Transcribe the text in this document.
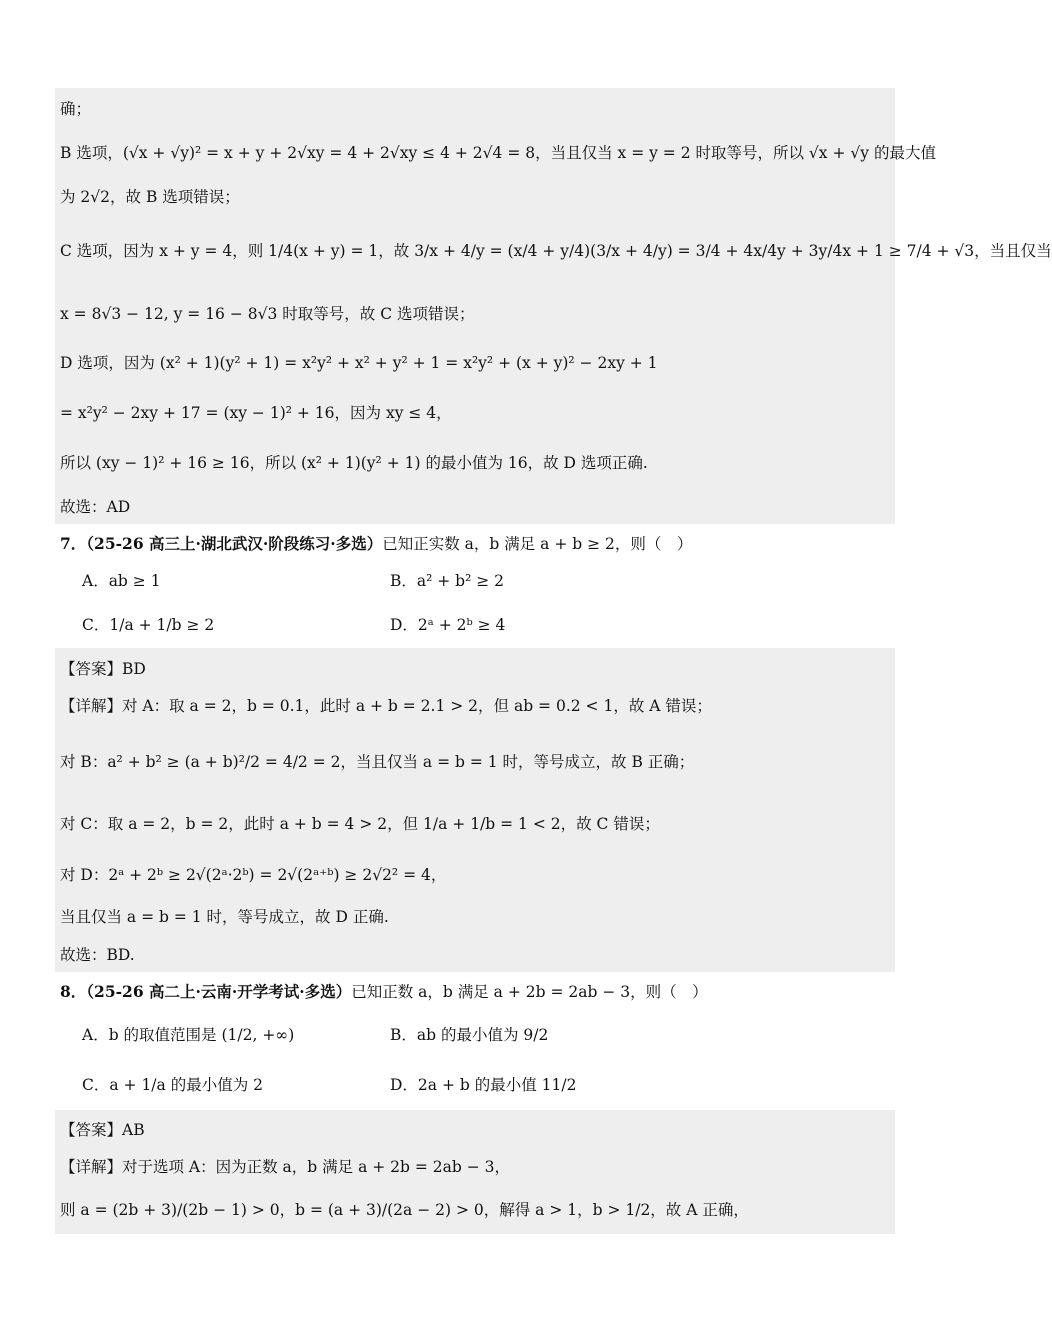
确；
B 选项，(√x + √y)² = x + y + 2√xy = 4 + 2√xy ≤ 4 + 2√4 = 8，当且仅当 x = y = 2 时取等号，所以 √x + √y 的最大值
为 2√2，故 B 选项错误；
C 选项，因为 x + y = 4，则 1/4(x + y) = 1，故 3/x + 4/y = (x/4 + y/4)(3/x + 4/y) = 3/4 + 4x/4y + 3y/4x + 1 ≥ 7/4 + √3，当且仅当
x = 8√3 − 12, y = 16 − 8√3 时取等号，故 C 选项错误；
D 选项，因为 (x² + 1)(y² + 1) = x²y² + x² + y² + 1 = x²y² + (x + y)² − 2xy + 1
= x²y² − 2xy + 17 = (xy − 1)² + 16，因为 xy ≤ 4，
所以 (xy − 1)² + 16 ≥ 16，所以 (x² + 1)(y² + 1) 的最小值为 16，故 D 选项正确.
故选：AD
7．（25-26 高三上·湖北武汉·阶段练习·多选）已知正实数 a，b 满足 a + b ≥ 2，则（　）
A．ab ≥ 1	B．a² + b² ≥ 2
C．1/a + 1/b ≥ 2	D．2ᵃ + 2ᵇ ≥ 4
【答案】BD
【详解】对 A：取 a = 2，b = 0.1，此时 a + b = 2.1 > 2，但 ab = 0.2 < 1，故 A 错误；
对 B：a² + b² ≥ (a + b)²/2 = 4/2 = 2，当且仅当 a = b = 1 时，等号成立，故 B 正确；
对 C：取 a = 2，b = 2，此时 a + b = 4 > 2，但 1/a + 1/b = 1 < 2，故 C 错误；
对 D：2ᵃ + 2ᵇ ≥ 2√(2ᵃ·2ᵇ) = 2√(2ᵃ⁺ᵇ) ≥ 2√2² = 4，
当且仅当 a = b = 1 时，等号成立，故 D 正确.
故选：BD.
8．（25-26 高二上·云南·开学考试·多选）已知正数 a，b 满足 a + 2b = 2ab − 3，则（　）
A．b 的取值范围是 (1/2, +∞)	B．ab 的最小值为 9/2
C．a + 1/a 的最小值为 2	D．2a + b 的最小值 11/2
【答案】AB
【详解】对于选项 A：因为正数 a，b 满足 a + 2b = 2ab − 3，
则 a = (2b + 3)/(2b − 1) > 0，b = (a + 3)/(2a − 2) > 0，解得 a > 1，b > 1/2，故 A 正确，
